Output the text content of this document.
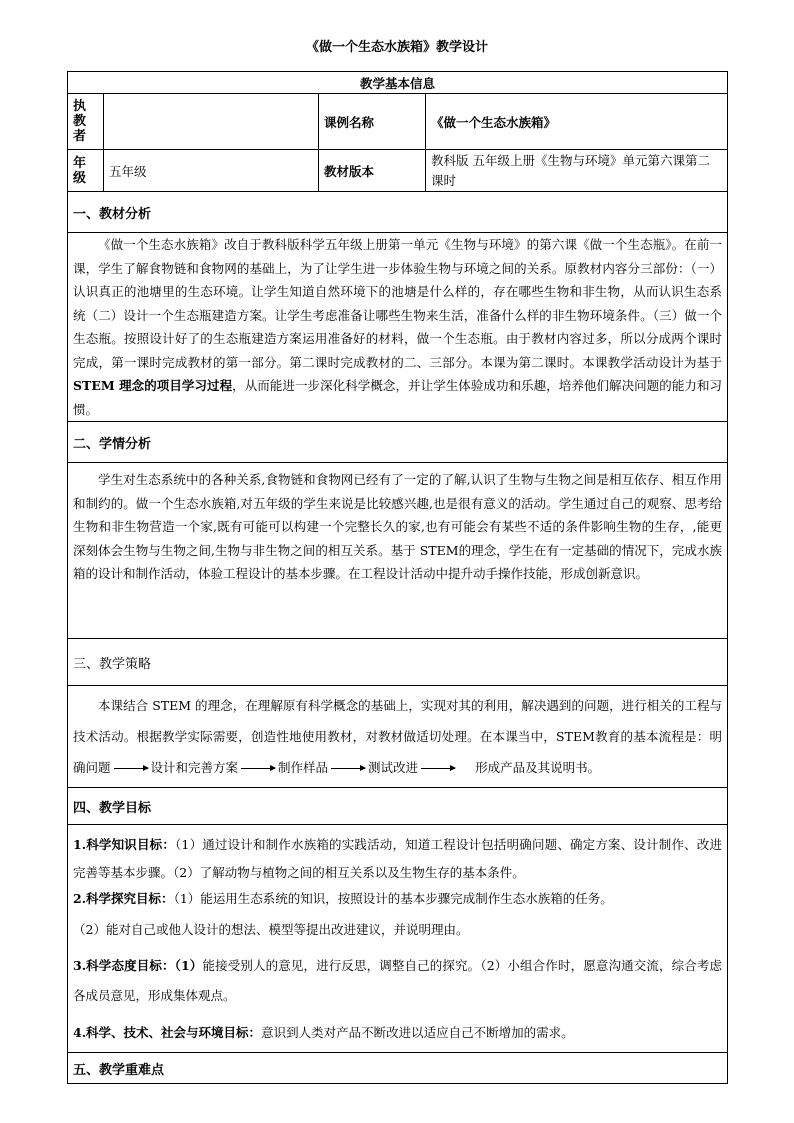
《做一个生态水族箱》教学设计
教学基本信息			
执教者		课例名称	《做一个生态水族箱》
年级	五年级	教材版本	教科版 五年级上册《生物与环境》单元第六课第二课时
一、教材分析			
《做一个生态水族箱》改自于教科版科学五年级上册第一单元《生物与环境》的第六课《做一个生态瓶》。在前一课，学生了解食物链和食物网的基础上，为了让学生进一步体验生物与环境之间的关系。原教材内容分三部份：（一）认识真正的池塘里的生态环境。让学生知道自然环境下的池塘是什么样的，存在哪些生物和非生物，从而认识生态系统（二）设计一个生态瓶建造方案。让学生考虑准备让哪些生物来生活，准备什么样的非生物环境条件。（三）做一个生态瓶。按照设计好了的生态瓶建造方案运用准备好的材料，做一个生态瓶。由于教材内容过多，所以分成两个课时完成，第一课时完成教材的第一部分。第二课时完成教材的二、三部分。本课为第二课时。本课教学活动设计为基于STEM 理念的项目学习过程，从而能进一步深化科学概念，并让学生体验成功和乐趣，培养他们解决问题的能力和习惯。			
二、学情分析			
学生对生态系统中的各种关系,食物链和食物网已经有了一定的了解,认识了生物与生物之间是相互依存、相互作用和制约的。做一个生态水族箱,对五年级的学生来说是比较感兴趣,也是很有意义的活动。学生通过自己的观察、思考给生物和非生物营造一个家,既有可能可以构建一个完整长久的家,也有可能会有某些不适的条件影响生物的生存，,能更深刻体会生物与生物之间,生物与非生物之间的相互关系。基于 STEM的理念，学生在有一定基础的情况下，完成水族箱的设计和制作活动，体验工程设计的基本步骤。在工程设计活动中提升动手操作技能，形成创新意识。			
三、教学策略			
本课结合 STEM 的理念，在理解原有科学概念的基础上，实现对其的利用，解决遇到的问题，进行相关的工程与技术活动。根据教学实际需要，创造性地使用教材，对教材做适切处理。在本课当中，STEM教育的基本流程是：明确问题 设计和完善方案 制作样品 测试改进 形成产品及其说明书。			
四、教学目标			

1.科学知识目标：（1）通过设计和制作水族箱的实践活动，知道工程设计包括明确问题、确定方案、设计制作、改进完善等基本步骤。（2）了解动物与植物之间的相互关系以及生物生存的基本条件。

2.科学探究目标：（1）能运用生态系统的知识，按照设计的基本步骤完成制作生态水族箱的任务。

（2）能对自己或他人设计的想法、模型等提出改进建议，并说明理由。

3.科学态度目标：（1）能接受别人的意见，进行反思，调整自己的探究。（2）小组合作时，愿意沟通交流，综合考虑各成员意见，形成集体观点。

4.科学、技术、社会与环境目标：意识到人类对产品不断改进以适应自己不断增加的需求。			

五、教学重难点			
